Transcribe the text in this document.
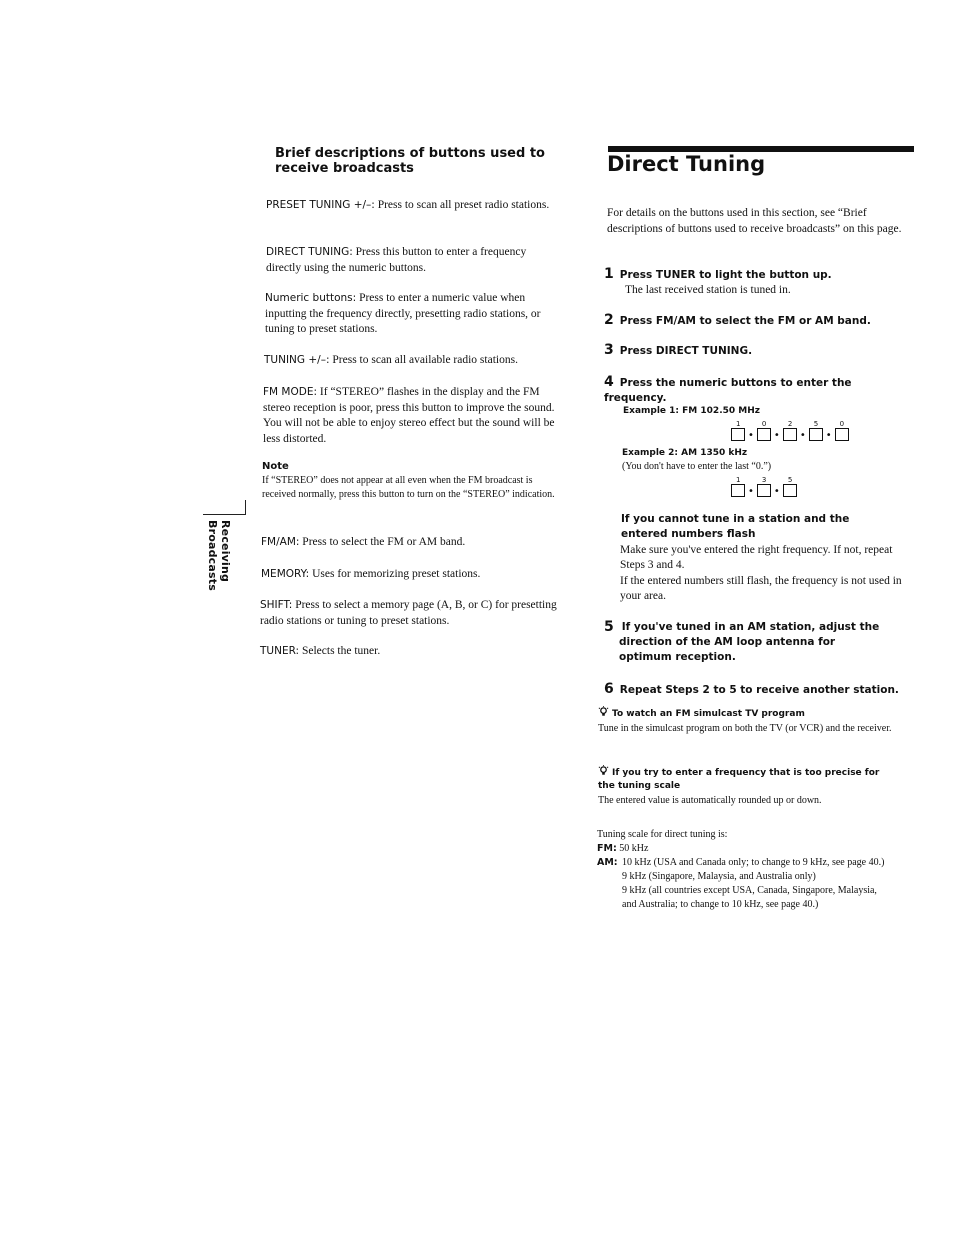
Brief descriptions of buttons used to receive broadcasts
PRESET TUNING +/–: Press to scan all preset radio stations.
DIRECT TUNING: Press this button to enter a frequency directly using the numeric buttons.
Numeric buttons: Press to enter a numeric value when inputting the frequency directly, presetting radio stations, or tuning to preset stations.
TUNING +/–: Press to scan all available radio stations.
FM MODE: If “STEREO” flashes in the display and the FM stereo reception is poor, press this button to improve the sound. You will not be able to enjoy stereo effect but the sound will be less distorted.
Note
If “STEREO” does not appear at all even when the FM broadcast is received normally, press this button to turn on the “STEREO” indication.
FM/AM: Press to select the FM or AM band.
MEMORY: Uses for memorizing preset stations.
SHIFT: Press to select a memory page (A, B, or C) for presetting radio stations or tuning to preset stations.
TUNER: Selects the tuner.
Receiving Broadcasts
Direct Tuning
For details on the buttons used in this section, see “Brief descriptions of buttons used to receive broadcasts” on this page.
1 Press TUNER to light the button up.
The last received station is tuned in.
2 Press FM/AM to select the FM or AM band.
3 Press DIRECT TUNING.
4 Press the numeric buttons to enter the frequency.
Example 1: FM 102.50 MHz
1
•
0
•
2
•
5
•
0
Example 2: AM 1350 kHz
(You don't have to enter the last “0.”)
1
•
3
•
5
If you cannot tune in a station and the entered numbers flash
Make sure you've entered the right frequency. If not, repeat Steps 3 and 4.
If the entered numbers still flash, the frequency is not used in your area.
5 If you've tuned in an AM station, adjust the direction of the AM loop antenna for optimum reception.
6 Repeat Steps 2 to 5 to receive another station.
To watch an FM simulcast TV program
Tune in the simulcast program on both the TV (or VCR) and the receiver.
If you try to enter a frequency that is too precise for the tuning scale
The entered value is automatically rounded up or down.
Tuning scale for direct tuning is:
FM: 50 kHz
AM: 10 kHz (USA and Canada only; to change to 9 kHz, see page 40.)
9 kHz (Singapore, Malaysia, and Australia only)
9 kHz (all countries except USA, Canada, Singapore, Malaysia, and Australia; to change to 10 kHz, see page 40.)
